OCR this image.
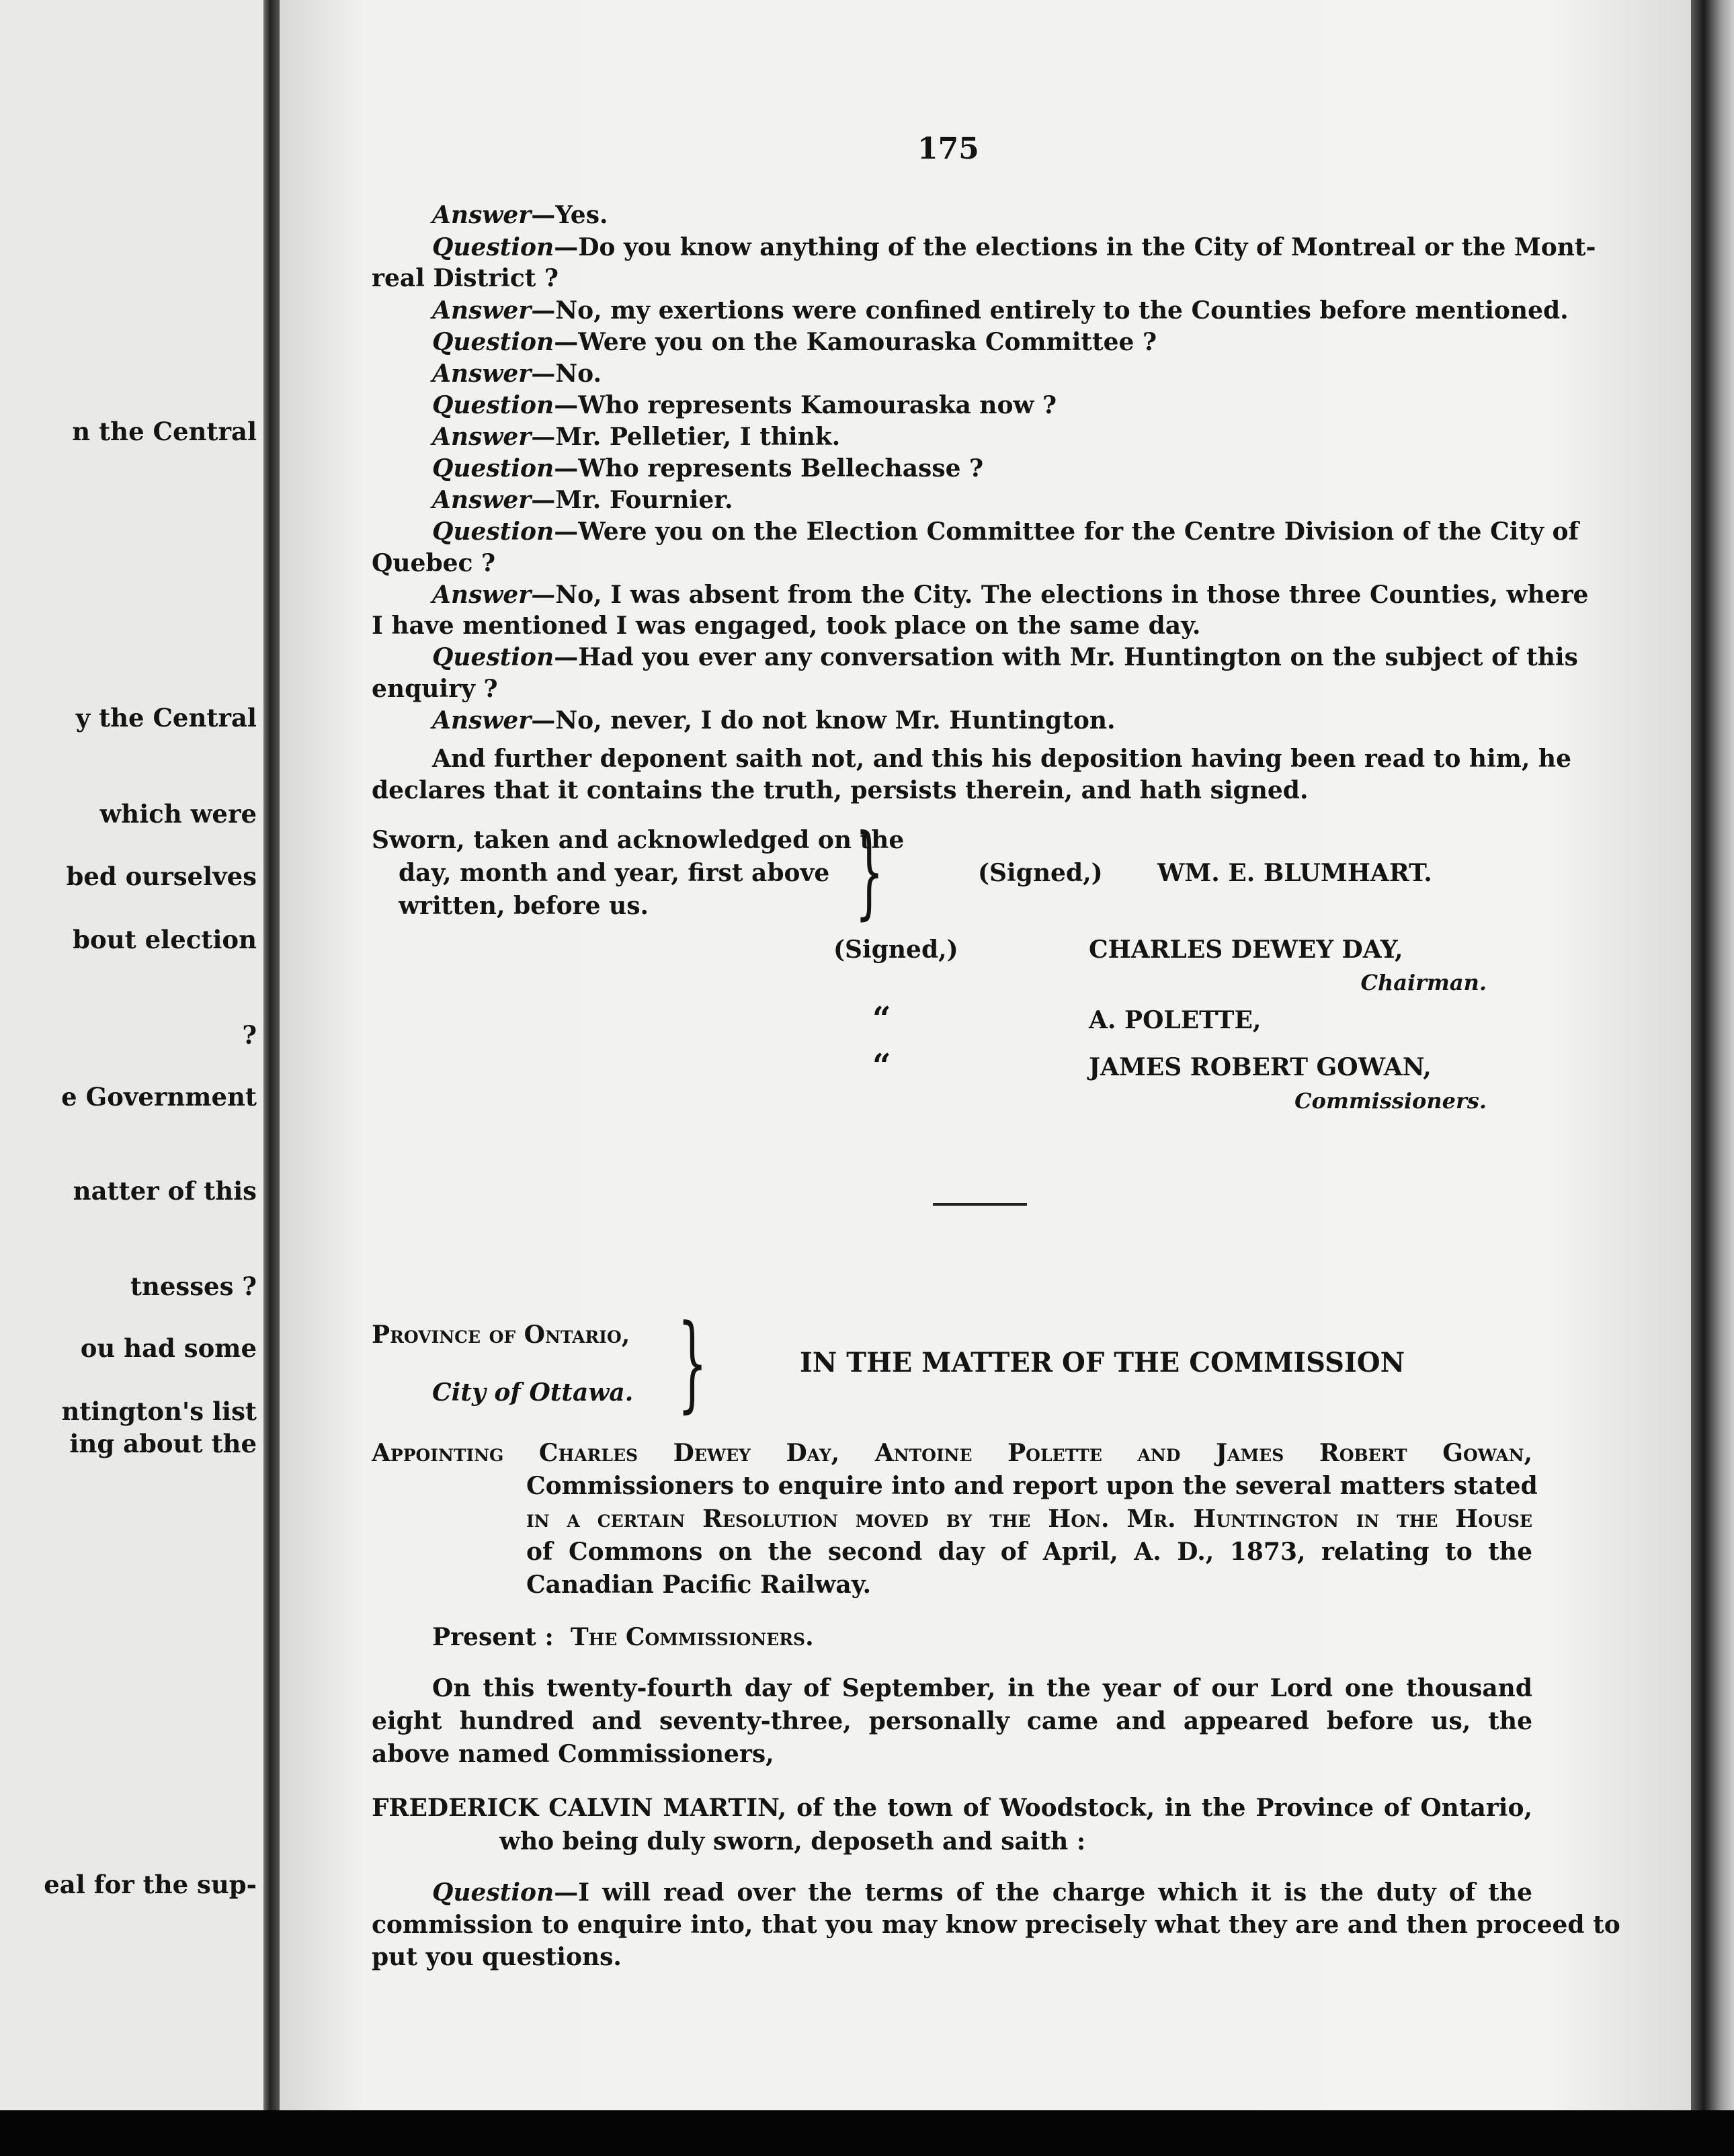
n the Central
y the Central
which were
bed ourselves
bout election
?
e Government
natter of this
tnesses ?
ou had some
ntington's list
ing about the
eal for the sup-
175
Answer—Yes.
Question—Do you know anything of the elections in the City of Montreal or the Mont-
real District ?
Answer—No, my exertions were confined entirely to the Counties before mentioned.
Question—Were you on the Kamouraska Committee ?
Answer—No.
Question—Who represents Kamouraska now ?
Answer—Mr. Pelletier, I think.
Question—Who represents Bellechasse ?
Answer—Mr. Fournier.
Question—Were you on the Election Committee for the Centre Division of the City of
Quebec ?
Answer—No, I was absent from the City. The elections in those three Counties, where
I have mentioned I was engaged, took place on the same day.
Question—Had you ever any conversation with Mr. Huntington on the subject of this
enquiry ?
Answer—No, never, I do not know Mr. Huntington.
And further deponent saith not, and this his deposition having been read to him, he
declares that it contains the truth, persists therein, and hath signed.
Sworn, taken and acknowledged on the
day, month and year, first above
written, before us. }	(Signed,) WM. E. BLUMHART.
(Signed,)	CHARLES DEWEY DAY,
Chairman.
“	A. POLETTE,
“	JAMES ROBERT GOWAN,
Commissioners.
Province of Ontario,
City of Ottawa. }	IN THE MATTER OF THE COMMISSION
Appointing Charles Dewey Day, Antoine Polette and James Robert Gowan,
Commissioners to enquire into and report upon the several matters stated
in a certain Resolution moved by the Hon. Mr. Huntington in the House
of Commons on the second day of April, A. D., 1873, relating to the
Canadian Pacific Railway.
Present : The Commissioners.
On this twenty-fourth day of September, in the year of our Lord one thousand
eight hundred and seventy-three, personally came and appeared before us, the
above named Commissioners,
FREDERICK CALVIN MARTIN, of the town of Woodstock, in the Province of Ontario,
who being duly sworn, deposeth and saith :
Question—I will read over the terms of the charge which it is the duty of the
commission to enquire into, that you may know precisely what they are and then proceed to
put you questions.
